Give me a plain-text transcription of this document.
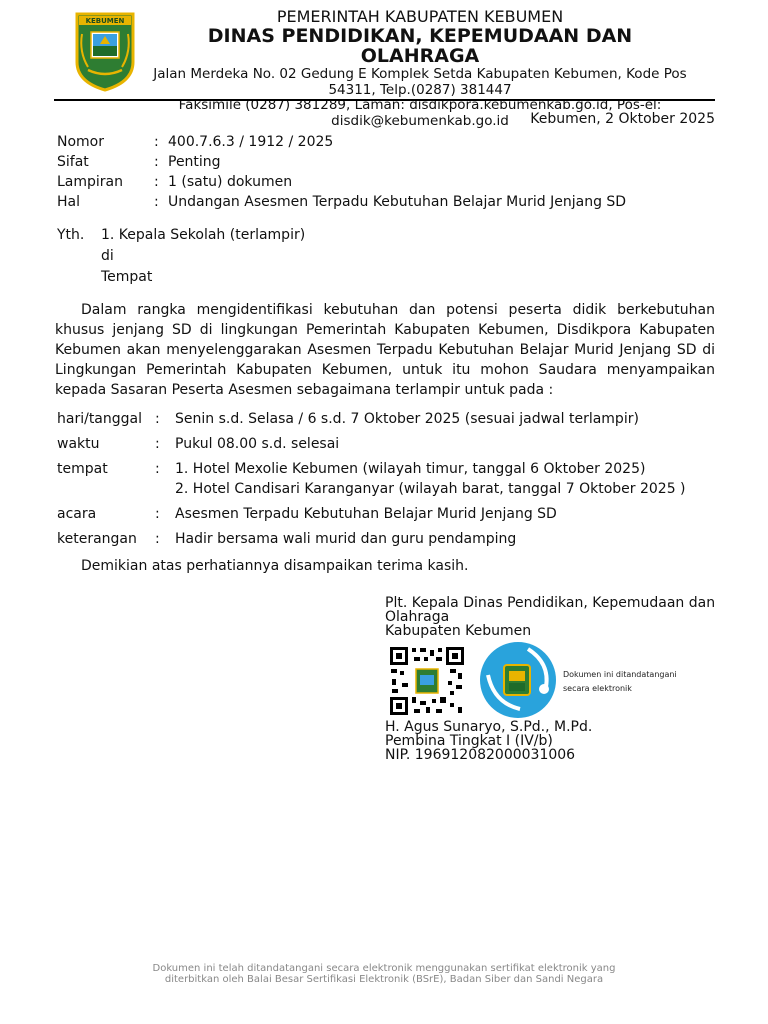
KEBUMEN	PEMERINTAH KABUPATEN KEBUMEN
DINAS PENDIDIKAN, KEPEMUDAAN DAN OLAHRAGA
Jalan Merdeka No. 02 Gedung E Komplek Setda Kabupaten Kebumen, Kode Pos
54311, Telp.(0287) 381447
Faksimile (0287) 381289, Laman: disdikpora.kebumenkab.go.id, Pos-el:
disdik@kebumenkab.go.id	Kebumen, 2 Oktober 2025
Nomor	: 400.7.6.3 / 1912 / 2025
Sifat	: Penting
Lampiran	: 1 (satu) dokumen
Hal	: Undangan Asesmen Terpadu Kebutuhan Belajar Murid Jenjang SD
Yth.	1. Kepala Sekolah (terlampir)
di
Tempat

Dalam rangka mengidentifikasi kebutuhan dan potensi peserta didik berkebutuhan khusus jenjang SD di lingkungan Pemerintah Kabupaten Kebumen, Disdikpora Kabupaten Kebumen akan menyelenggarakan Asesmen Terpadu Kebutuhan Belajar Murid Jenjang SD di Lingkungan Pemerintah Kabupaten Kebumen, untuk itu mohon Saudara menyampaikan kepada Sasaran Peserta Asesmen sebagaimana terlampir untuk pada :

hari/tanggal :	Senin s.d. Selasa / 6 s.d. 7 Oktober 2025 (sesuai jadwal terlampir)
waktu	:	Pukul 08.00 s.d. selesai
tempat	:	1. Hotel Mexolie Kebumen (wilayah timur, tanggal 6 Oktober 2025)
2. Hotel Candisari Karanganyar (wilayah barat, tanggal 7 Oktober 2025 )
acara	:	Asesmen Terpadu Kebutuhan Belajar Murid Jenjang SD
keterangan	:	Hadir bersama wali murid dan guru pendamping
Demikian atas perhatiannya disampaikan terima kasih.
Plt. Kepala Dinas Pendidikan, Kepemudaan dan
Olahraga
Kabupaten Kebumen
Dokumen ini ditandatangani
secara elektronik
H. Agus Sunaryo, S.Pd., M.Pd.
Pembina Tingkat I (IV/b)
NIP. 196912082000031006
Dokumen ini telah ditandatangani secara elektronik menggunakan sertifikat elektronik yang
diterbitkan oleh Balai Besar Sertifikasi Elektronik (BSrE), Badan Siber dan Sandi Negara
